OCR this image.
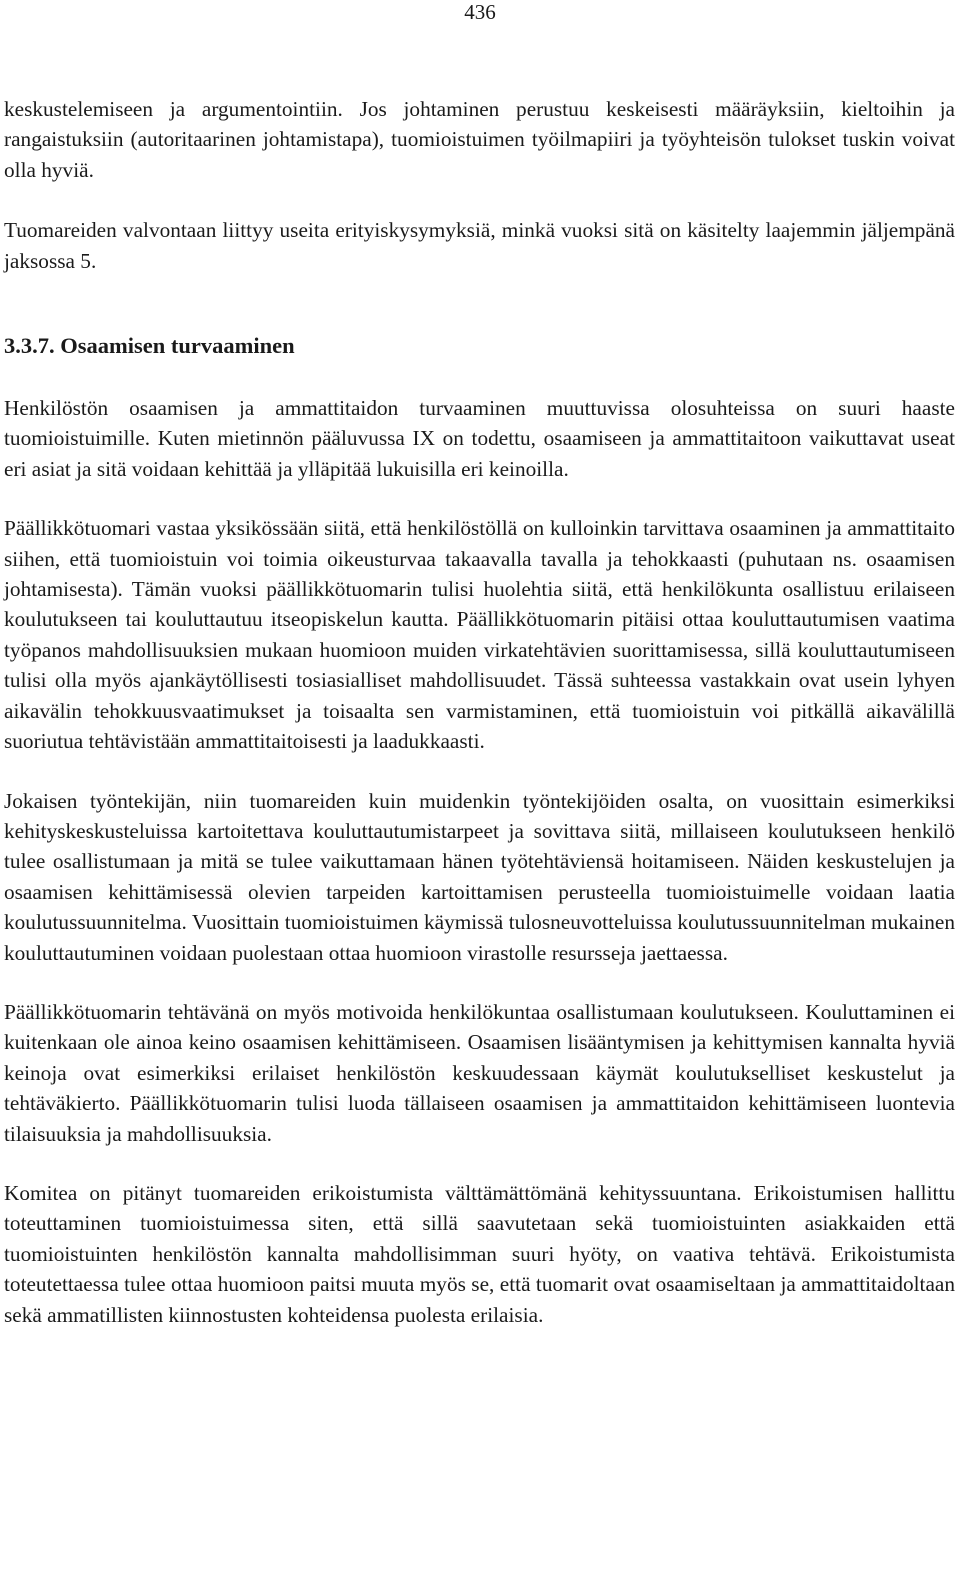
436

keskustelemiseen ja argumentointiin. Jos johtaminen perustuu keskeisesti määräyksiin, kieltoihin ja rangaistuksiin (autoritaarinen johtamistapa), tuomioistuimen työilmapiiri ja työyhteisön tulokset tuskin voivat olla hyviä.

Tuomareiden valvontaan liittyy useita erityiskysymyksiä, minkä vuoksi sitä on käsitelty laajemmin jäljempänä jaksossa 5.

3.3.7. Osaamisen turvaaminen

Henkilöstön osaamisen ja ammattitaidon turvaaminen muuttuvissa olosuhteissa on suuri haaste tuomioistuimille. Kuten mietinnön pääluvussa IX on todettu, osaamiseen ja ammattitaitoon vaikuttavat useat eri asiat ja sitä voidaan kehittää ja ylläpitää lukuisilla eri keinoilla.

Päällikkötuomari vastaa yksikössään siitä, että henkilöstöllä on kulloinkin tarvittava osaaminen ja ammattitaito siihen, että tuomioistuin voi toimia oikeusturvaa takaavalla tavalla ja tehokkaasti (puhutaan ns. osaamisen johtamisesta). Tämän vuoksi päällikkötuomarin tulisi huolehtia siitä, että henkilökunta osallistuu erilaiseen koulutukseen tai kouluttautuu itseopiskelun kautta. Päällikkötuomarin pitäisi ottaa kouluttautumisen vaatima työpanos mahdollisuuksien mukaan huomioon muiden virkatehtävien suorittamisessa, sillä kouluttautumiseen tulisi olla myös ajankäytöllisesti tosiasialliset mahdollisuudet. Tässä suhteessa vastakkain ovat usein lyhyen aikavälin tehokkuusvaatimukset ja toisaalta sen varmistaminen, että tuomioistuin voi pitkällä aikavälillä suoriutua tehtävistään ammattitaitoisesti ja laadukkaasti.

Jokaisen työntekijän, niin tuomareiden kuin muidenkin työntekijöiden osalta, on vuosittain esimerkiksi kehityskeskusteluissa kartoitettava kouluttautumistarpeet ja sovittava siitä, millaiseen koulutukseen henkilö tulee osallistumaan ja mitä se tulee vaikuttamaan hänen työtehtäviensä hoitamiseen. Näiden keskustelujen ja osaamisen kehittämisessä olevien tarpeiden kartoittamisen perusteella tuomioistuimelle voidaan laatia koulutussuunnitelma. Vuosittain tuomioistuimen käymissä tulosneuvotteluissa koulutussuunnitelman mukainen kouluttautuminen voidaan puolestaan ottaa huomioon virastolle resursseja jaettaessa.

Päällikkötuomarin tehtävänä on myös motivoida henkilökuntaa osallistumaan koulutukseen. Kouluttaminen ei kuitenkaan ole ainoa keino osaamisen kehittämiseen. Osaamisen lisääntymisen ja kehittymisen kannalta hyviä keinoja ovat esimerkiksi erilaiset henkilöstön keskuudessaan käymät koulutukselliset keskustelut ja tehtäväkierto. Päällikkötuomarin tulisi luoda tällaiseen osaamisen ja ammattitaidon kehittämiseen luontevia tilaisuuksia ja mahdollisuuksia.

Komitea on pitänyt tuomareiden erikoistumista välttämättömänä kehityssuuntana. Erikoistumisen hallittu toteuttaminen tuomioistuimessa siten, että sillä saavutetaan sekä tuomioistuinten asiakkaiden että tuomioistuinten henkilöstön kannalta mahdollisimman suuri hyöty, on vaativa tehtävä. Erikoistumista toteutettaessa tulee ottaa huomioon paitsi muuta myös se, että tuomarit ovat osaamiseltaan ja ammattitaidoltaan sekä ammatillisten kiinnostusten kohteidensa puolesta erilaisia.
